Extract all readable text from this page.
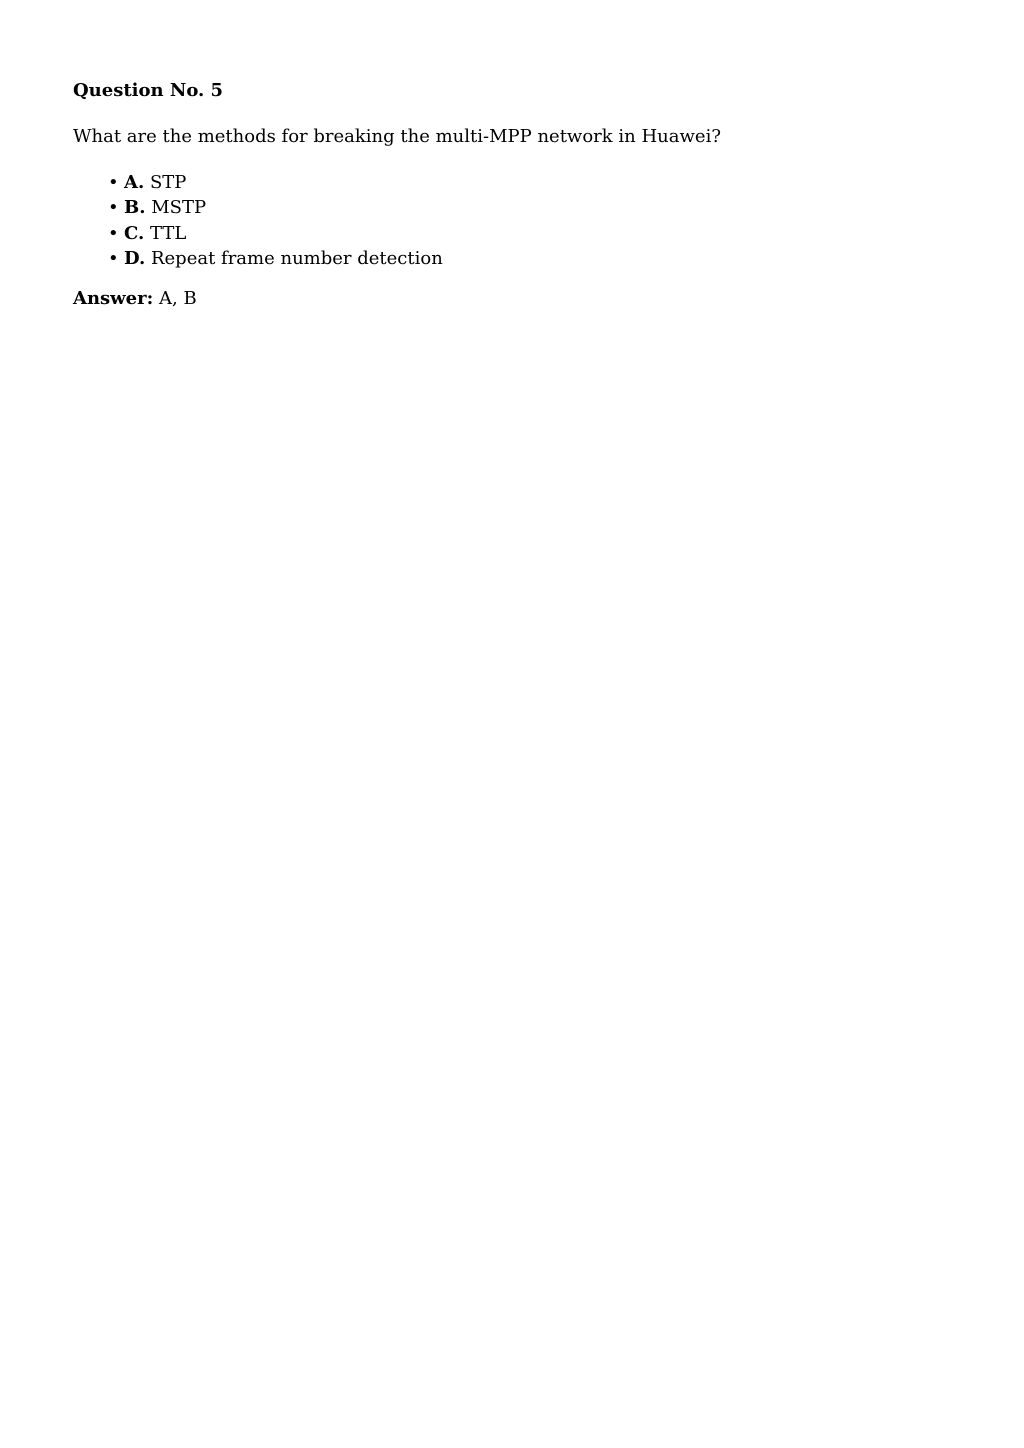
Question No. 5

What are the methods for breaking the multi-MPP network in Huawei?

• A. STP
• B. MSTP
• C. TTL
• D. Repeat frame number detection

Answer: A, B
